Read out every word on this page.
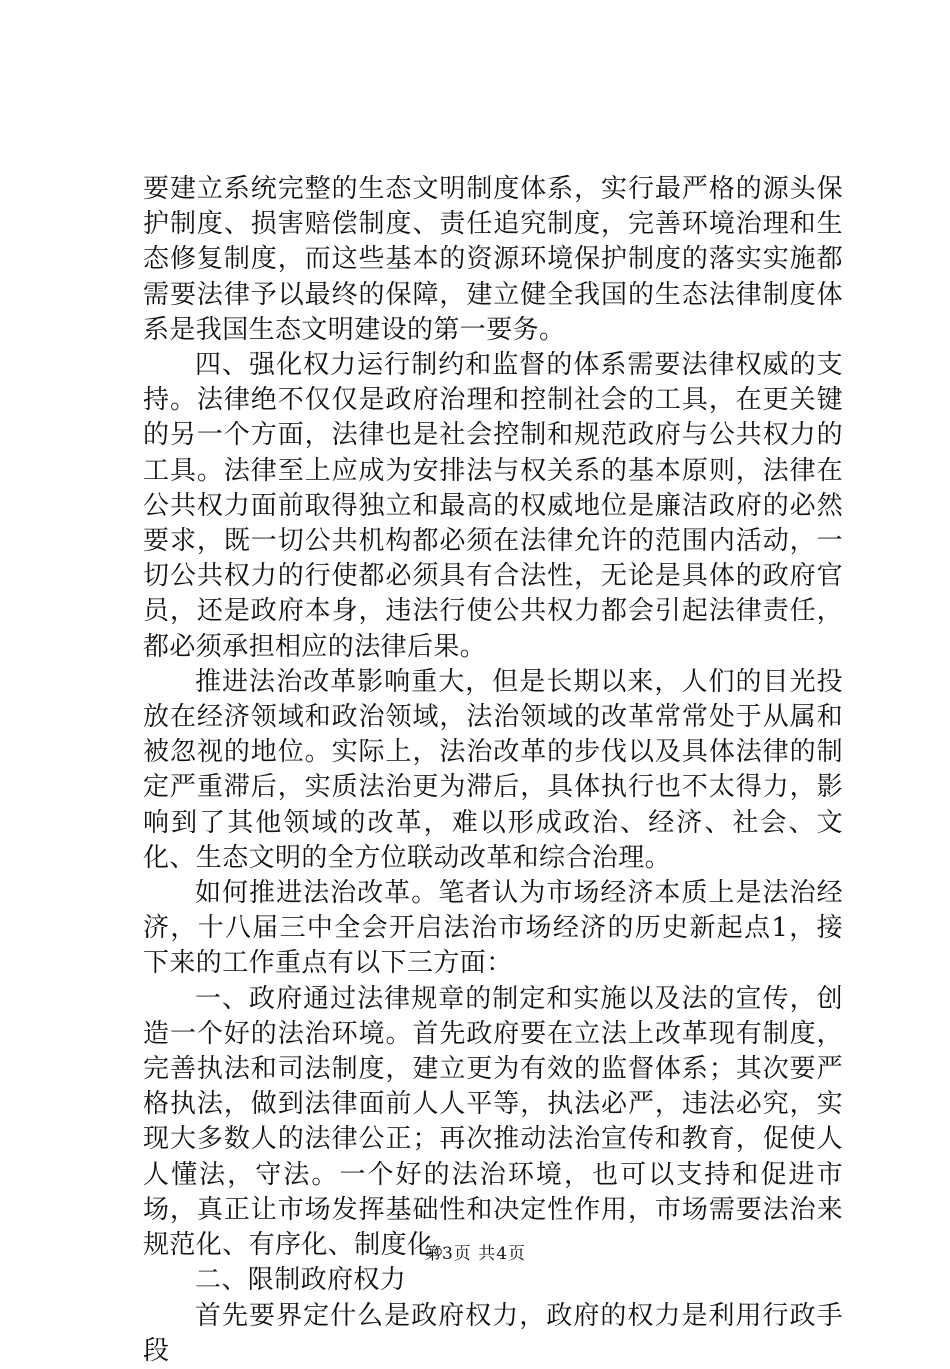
要建立系统完整的生态文明制度体系，实行最严格的源头保护制度、损害赔偿制度、责任追究制度，完善环境治理和生态修复制度，而这些基本的资源环境保护制度的落实实施都需要法律予以最终的保障，建立健全我国的生态法律制度体系是我国生态文明建设的第一要务。

四、强化权力运行制约和监督的体系需要法律权威的支持。法律绝不仅仅是政府治理和控制社会的工具，在更关键的另一个方面，法律也是社会控制和规范政府与公共权力的工具。法律至上应成为安排法与权关系的基本原则，法律在公共权力面前取得独立和最高的权威地位是廉洁政府的必然要求，既一切公共机构都必须在法律允许的范围内活动，一切公共权力的行使都必须具有合法性，无论是具体的政府官员，还是政府本身，违法行使公共权力都会引起法律责任，都必须承担相应的法律后果。

推进法治改革影响重大，但是长期以来，人们的目光投放在经济领域和政治领域，法治领域的改革常常处于从属和被忽视的地位。实际上，法治改革的步伐以及具体法律的制定严重滞后，实质法治更为滞后，具体执行也不太得力，影响到了其他领域的改革，难以形成政治、经济、社会、文化、生态文明的全方位联动改革和综合治理。

如何推进法治改革。笔者认为市场经济本质上是法治经济，十八届三中全会开启法治市场经济的历史新起点1，接下来的工作重点有以下三方面：

一、政府通过法律规章的制定和实施以及法的宣传，创造一个好的法治环境。首先政府要在立法上改革现有制度，完善执法和司法制度，建立更为有效的监督体系；其次要严格执法，做到法律面前人人平等，执法必严，违法必究，实现大多数人的法律公正；再次推动法治宣传和教育，促使人人懂法，守法。一个好的法治环境，也可以支持和促进市场，真正让市场发挥基础性和决定性作用，市场需要法治来规范化、有序化、制度化。

二、限制政府权力

首先要界定什么是政府权力，政府的权力是利用行政手段

第3页 共4页
